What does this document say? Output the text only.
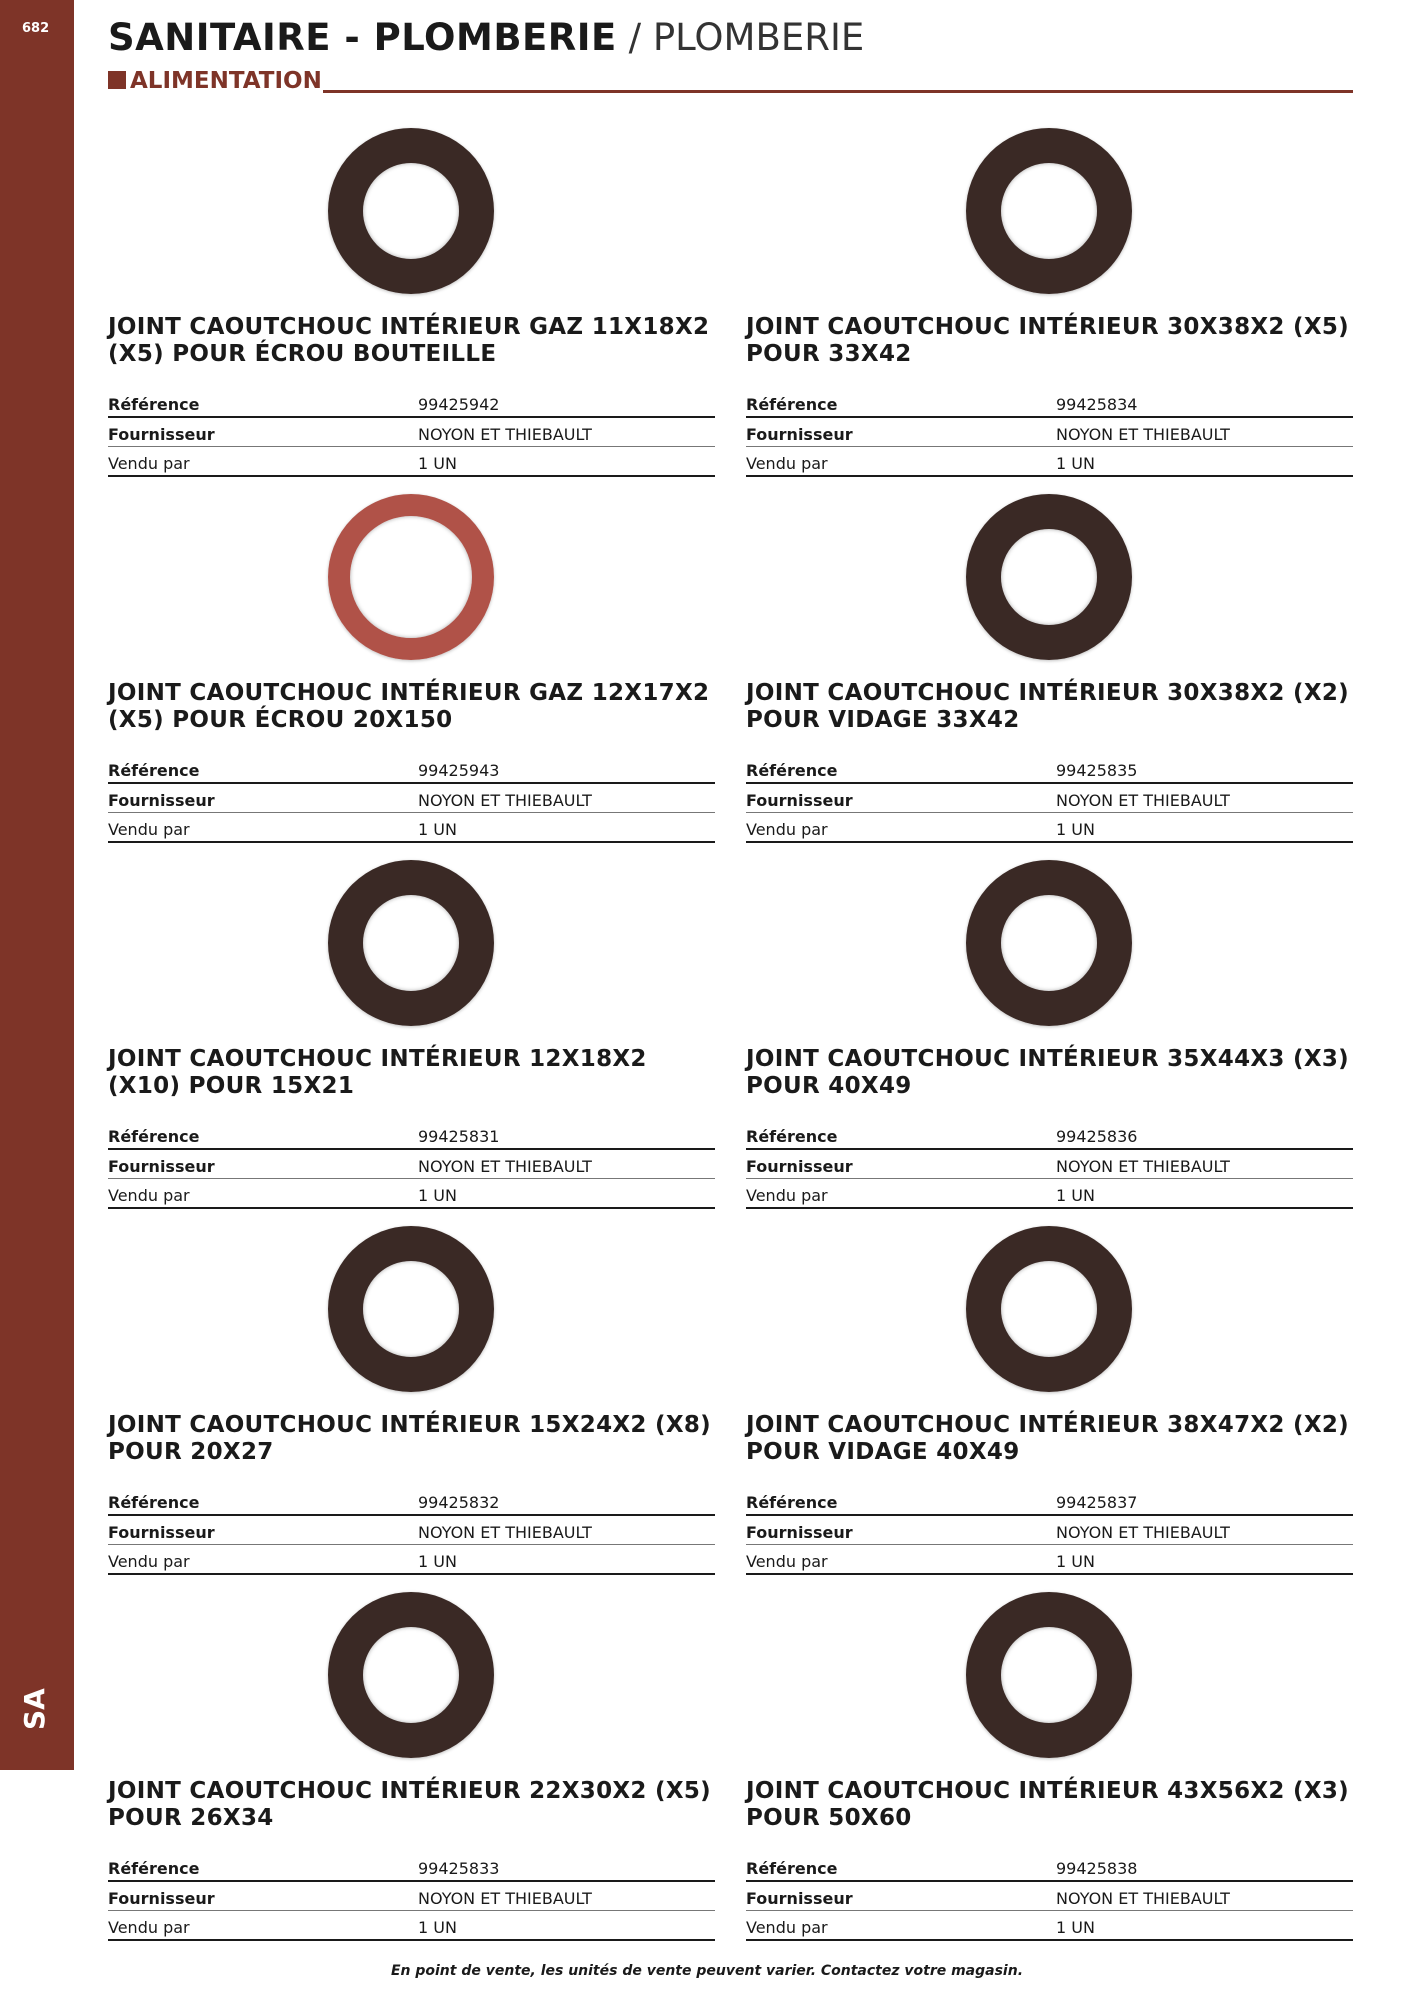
682
SA
SANITAIRE - PLOMBERIE / PLOMBERIE
ALIMENTATION
JOINT CAOUTCHOUC INTÉRIEUR GAZ 11X18X2 (X5) POUR ÉCROU BOUTEILLE
Référence	99425942
Fournisseur	NOYON ET THIEBAULT
Vendu par	1 UN
JOINT CAOUTCHOUC INTÉRIEUR 30X38X2 (X5) POUR 33X42
Référence	99425834
Fournisseur	NOYON ET THIEBAULT
Vendu par	1 UN
JOINT CAOUTCHOUC INTÉRIEUR GAZ 12X17X2 (X5) POUR ÉCROU 20X150
Référence	99425943
Fournisseur	NOYON ET THIEBAULT
Vendu par	1 UN
JOINT CAOUTCHOUC INTÉRIEUR 30X38X2 (X2) POUR VIDAGE 33X42
Référence	99425835
Fournisseur	NOYON ET THIEBAULT
Vendu par	1 UN
JOINT CAOUTCHOUC INTÉRIEUR 12X18X2 (X10) POUR 15X21
Référence	99425831
Fournisseur	NOYON ET THIEBAULT
Vendu par	1 UN
JOINT CAOUTCHOUC INTÉRIEUR 35X44X3 (X3) POUR 40X49
Référence	99425836
Fournisseur	NOYON ET THIEBAULT
Vendu par	1 UN
JOINT CAOUTCHOUC INTÉRIEUR 15X24X2 (X8) POUR 20X27
Référence	99425832
Fournisseur	NOYON ET THIEBAULT
Vendu par	1 UN
JOINT CAOUTCHOUC INTÉRIEUR 38X47X2 (X2) POUR VIDAGE 40X49
Référence	99425837
Fournisseur	NOYON ET THIEBAULT
Vendu par	1 UN
JOINT CAOUTCHOUC INTÉRIEUR 22X30X2 (X5) POUR 26X34
Référence	99425833
Fournisseur	NOYON ET THIEBAULT
Vendu par	1 UN
JOINT CAOUTCHOUC INTÉRIEUR 43X56X2 (X3) POUR 50X60
Référence	99425838
Fournisseur	NOYON ET THIEBAULT
Vendu par	1 UN
En point de vente, les unités de vente peuvent varier. Contactez votre magasin.
